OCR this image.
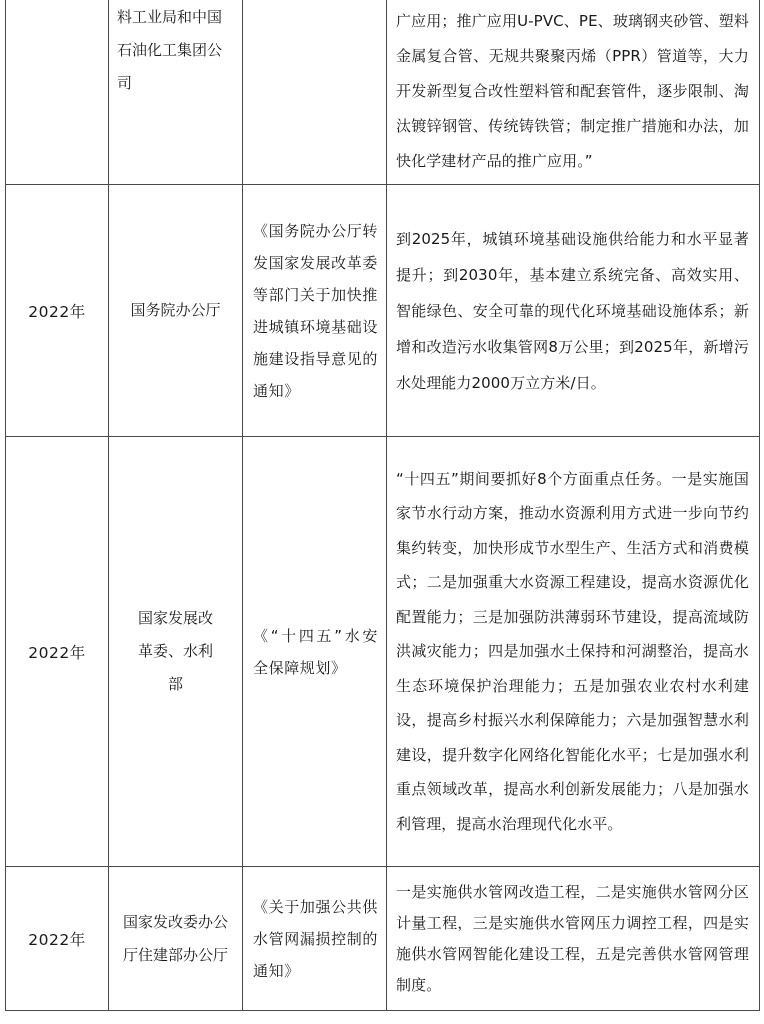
	料工业局和中国石油化工集团公司		广应用；推广应用U-PVC、PE、玻璃钢夹砂管、塑料金属复合管、无规共聚聚丙烯（PPR）管道等，大力开发新型复合改性塑料管和配套管件，逐步限制、淘汰镀锌钢管、传统铸铁管；制定推广措施和办法，加快化学建材产品的推广应用。”

2022年	国务院办公厅	《国务院办公厅转发国家发展改革委等部门关于加快推进城镇环境基础设施建设指导意见的通知》	到2025年，城镇环境基础设施供给能力和水平显著提升；到2030年，基本建立系统完备、高效实用、智能绿色、安全可靠的现代化环境基础设施体系；新增和改造污水收集管网8万公里；到2025年，新增污水处理能力2000万立方米/日。

2022年	国家发展改革委、水利部	《“十四五”水安全保障规划》	“十四五”期间要抓好8个方面重点任务。一是实施国家节水行动方案，推动水资源利用方式进一步向节约集约转变，加快形成节水型生产、生活方式和消费模式；二是加强重大水资源工程建设，提高水资源优化配置能力；三是加强防洪薄弱环节建设，提高流域防洪减灾能力；四是加强水土保持和河湖整治，提高水生态环境保护治理能力；五是加强农业农村水利建设，提高乡村振兴水利保障能力；六是加强智慧水利建设，提升数字化网络化智能化水平；七是加强水利重点领域改革，提高水利创新发展能力；八是加强水利管理，提高水治理现代化水平。

2022年	国家发改委办公厅住建部办公厅	《关于加强公共供水管网漏损控制的通知》	一是实施供水管网改造工程，二是实施供水管网分区计量工程，三是实施供水管网压力调控工程，四是实施供水管网智能化建设工程，五是完善供水管网管理制度。
